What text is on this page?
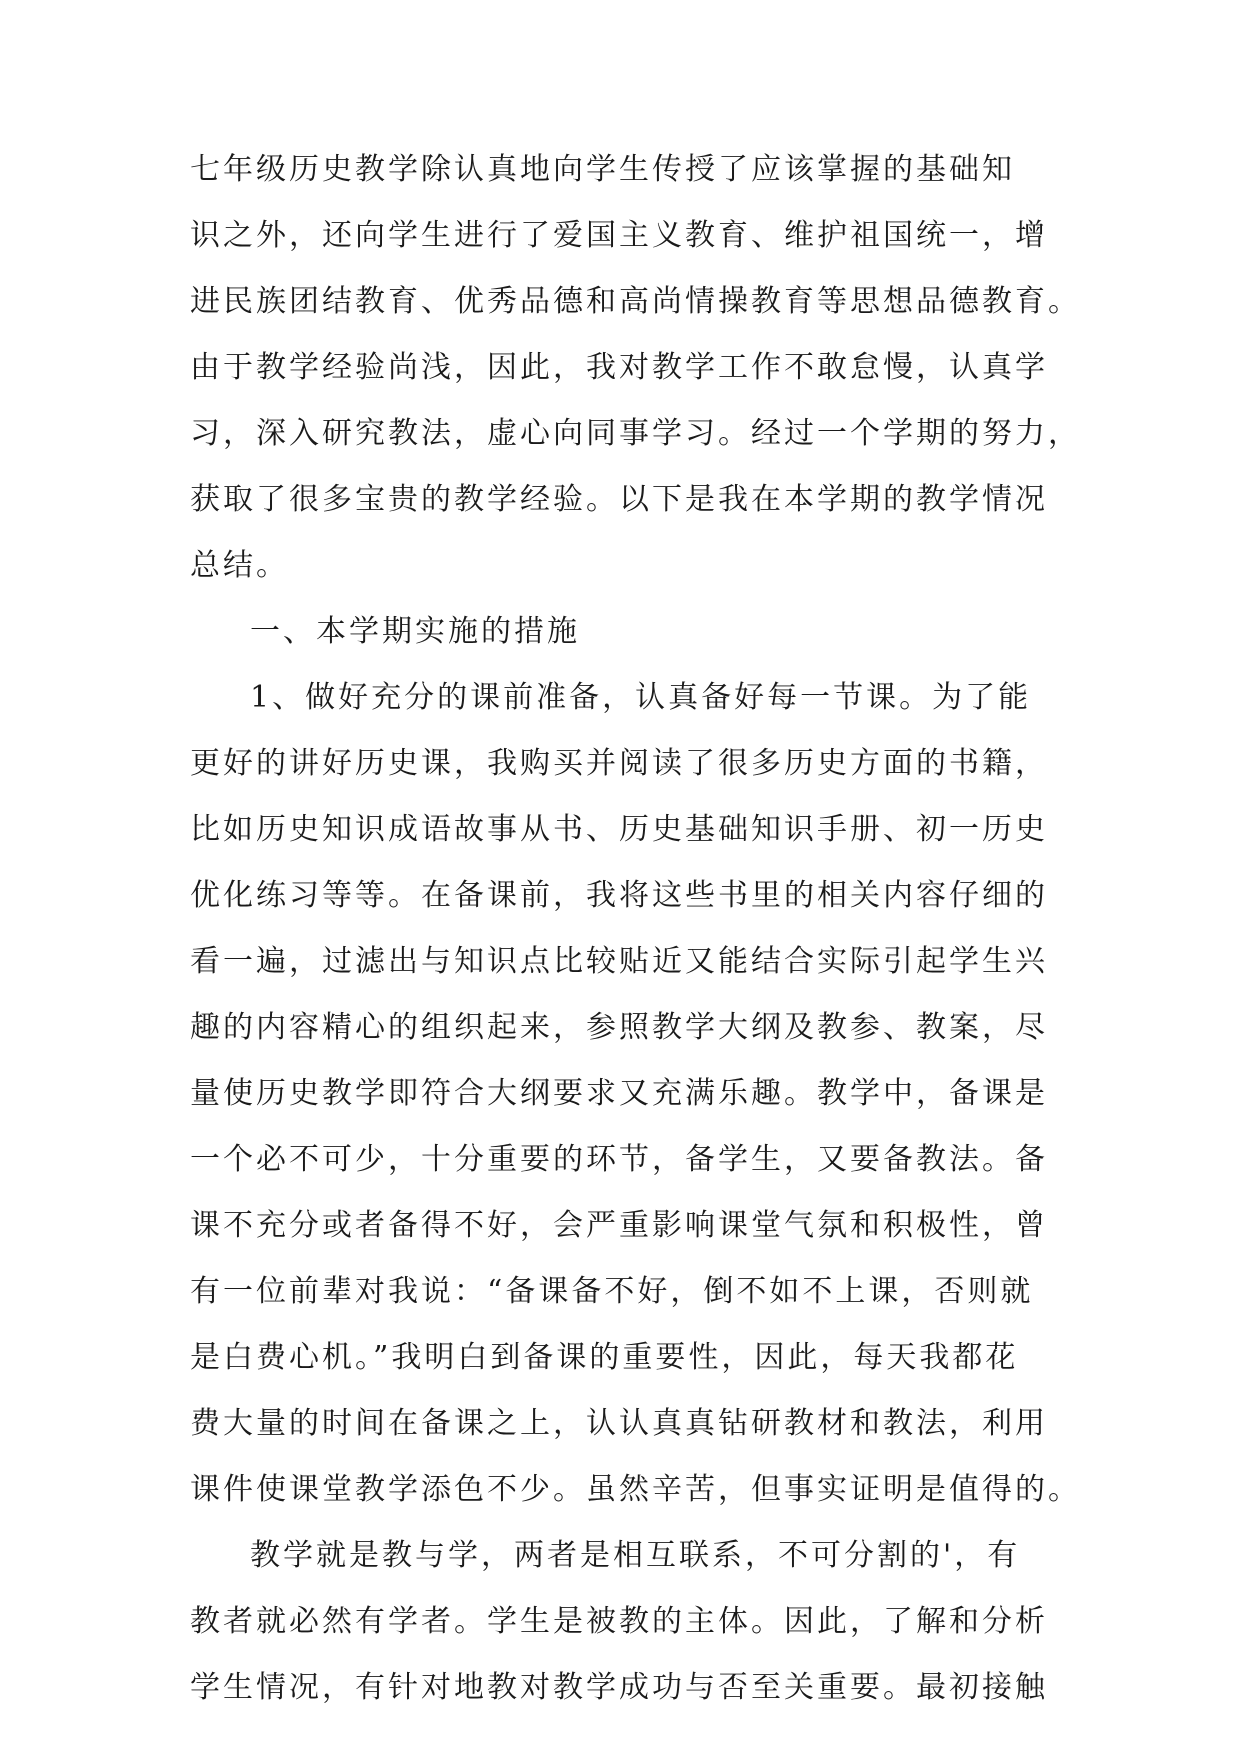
七年级历史教学除认真地向学生传授了应该掌握的基础知
识之外，还向学生进行了爱国主义教育、维护祖国统一，增
进民族团结教育、优秀品德和高尚情操教育等思想品德教育。
由于教学经验尚浅，因此，我对教学工作不敢怠慢，认真学
习，深入研究教法，虚心向同事学习。经过一个学期的努力，
获取了很多宝贵的教学经验。以下是我在本学期的教学情况
总结。
一、本学期实施的措施
1、做好充分的课前准备，认真备好每一节课。为了能
更好的讲好历史课，我购买并阅读了很多历史方面的书籍，
比如历史知识成语故事从书、历史基础知识手册、初一历史
优化练习等等。在备课前，我将这些书里的相关内容仔细的
看一遍，过滤出与知识点比较贴近又能结合实际引起学生兴
趣的内容精心的组织起来，参照教学大纲及教参、教案，尽
量使历史教学即符合大纲要求又充满乐趣。教学中，备课是
一个必不可少，十分重要的环节，备学生，又要备教法。备
课不充分或者备得不好，会严重影响课堂气氛和积极性，曾
有一位前辈对我说：“备课备不好，倒不如不上课，否则就
是白费心机。”我明白到备课的重要性，因此，每天我都花
费大量的时间在备课之上，认认真真钻研教材和教法，利用
课件使课堂教学添色不少。虽然辛苦，但事实证明是值得的。
教学就是教与学，两者是相互联系，不可分割的'，有
教者就必然有学者。学生是被教的主体。因此，了解和分析
学生情况，有针对地教对教学成功与否至关重要。最初接触
